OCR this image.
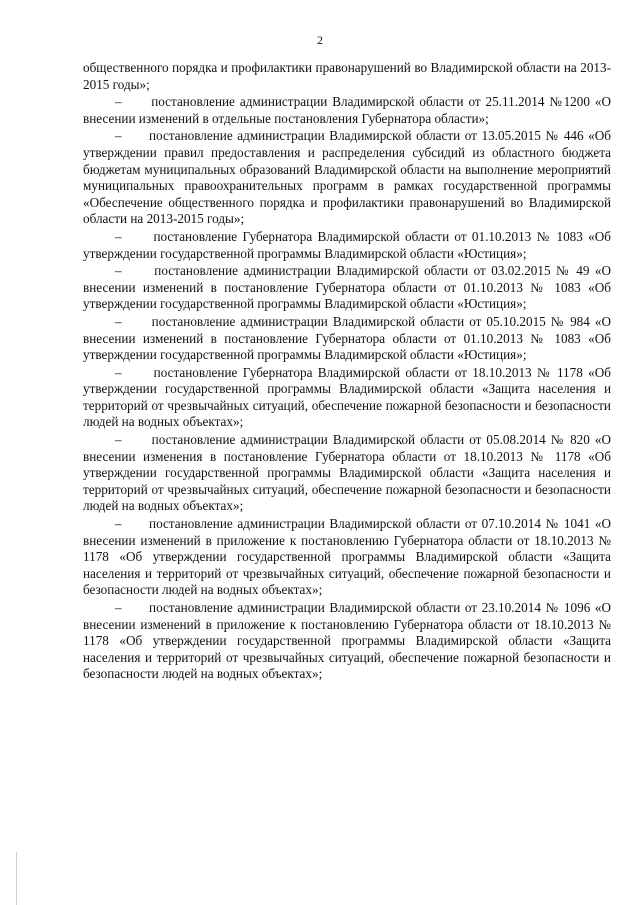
2

общественного порядка и профилактики правонарушений во Владимирской области на 2013-2015 годы»;

–      постановление администрации Владимирской области от 25.11.2014 №1200 «О внесении изменений в отдельные постановления Губернатора области»;

–      постановление администрации Владимирской области от 13.05.2015 № 446 «Об утверждении правил предоставления и распределения субсидий из областного бюджета бюджетам муниципальных образований Владимирской области на выполнение мероприятий муниципальных правоохранительных программ в рамках государственной программы «Обеспечение общественного порядка и профилактики правонарушений во Владимирской области на 2013-2015 годы»;

–      постановление Губернатора Владимирской области от 01.10.2013 № 1083 «Об утверждении государственной программы Владимирской области «Юстиция»;

–      постановление администрации Владимирской области от 03.02.2015 № 49 «О внесении изменений в постановление Губернатора области от 01.10.2013 № 1083 «Об утверждении государственной программы Владимирской области «Юстиция»;

–      постановление администрации Владимирской области от 05.10.2015 № 984 «О внесении изменений в постановление Губернатора области от 01.10.2013 № 1083 «Об утверждении государственной программы Владимирской области «Юстиция»;

–      постановление Губернатора Владимирской области от 18.10.2013 № 1178 «Об утверждении государственной программы Владимирской области «Защита населения и территорий от чрезвычайных ситуаций, обеспечение пожарной безопасности и безопасности людей на водных объектах»;

–      постановление администрации Владимирской области от 05.08.2014 № 820 «О внесении изменения в постановление Губернатора области от 18.10.2013 № 1178 «Об утверждении государственной программы Владимирской области «Защита населения и территорий от чрезвычайных ситуаций, обеспечение пожарной безопасности и безопасности людей на водных объектах»;

–      постановление администрации Владимирской области от 07.10.2014 № 1041 «О внесении изменений в приложение к постановлению Губернатора области от 18.10.2013 № 1178 «Об утверждении государственной программы Владимирской области «Защита населения и территорий от чрезвычайных ситуаций, обеспечение пожарной безопасности и безопасности людей на водных объектах»;

–      постановление администрации Владимирской области от 23.10.2014 № 1096 «О внесении изменений в приложение к постановлению Губернатора области от 18.10.2013 № 1178 «Об утверждении государственной программы Владимирской области «Защита населения и территорий от чрезвычайных ситуаций, обеспечение пожарной безопасности и безопасности людей на водных объектах»;
